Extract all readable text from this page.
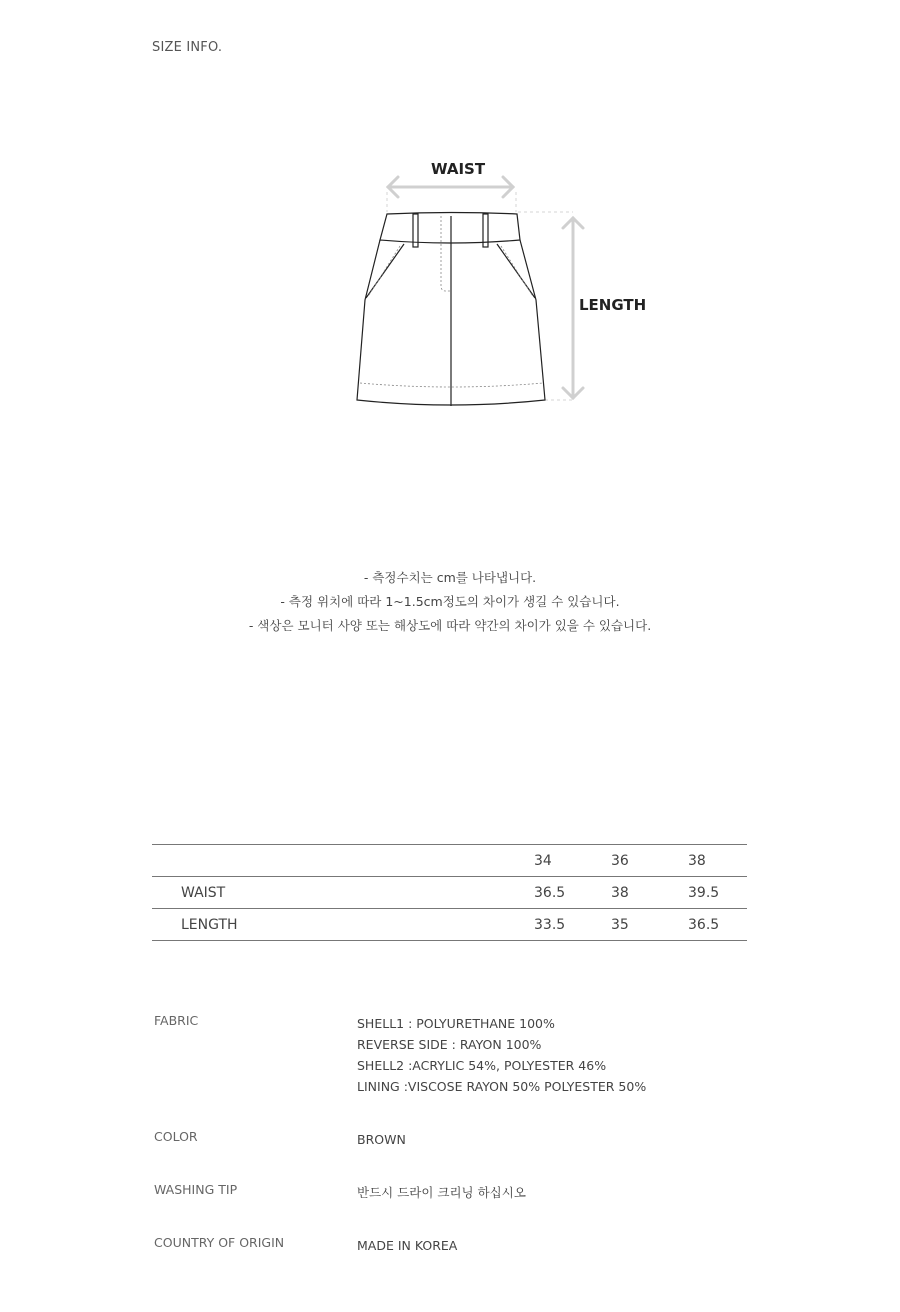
SIZE INFO.
WAIST
LENGTH
- 측정수치는 cm를 나타냅니다.
- 측정 위치에 따라 1~1.5cm정도의 차이가 생길 수 있습니다.
- 색상은 모니터 사양 또는 해상도에 따라 약간의 차이가 있을 수 있습니다.
	34	36	38
WAIST	36.5	38	39.5
LENGTH	33.5	35	36.5
FABRIC	SHELL1 : POLYURETHANE 100%
REVERSE SIDE : RAYON 100%
SHELL2 :ACRYLIC 54%, POLYESTER 46%
LINING :VISCOSE RAYON 50% POLYESTER 50%
COLOR	BROWN
WASHING TIP	반드시 드라이 크리닝 하십시오
COUNTRY OF ORIGIN	MADE IN KOREA
